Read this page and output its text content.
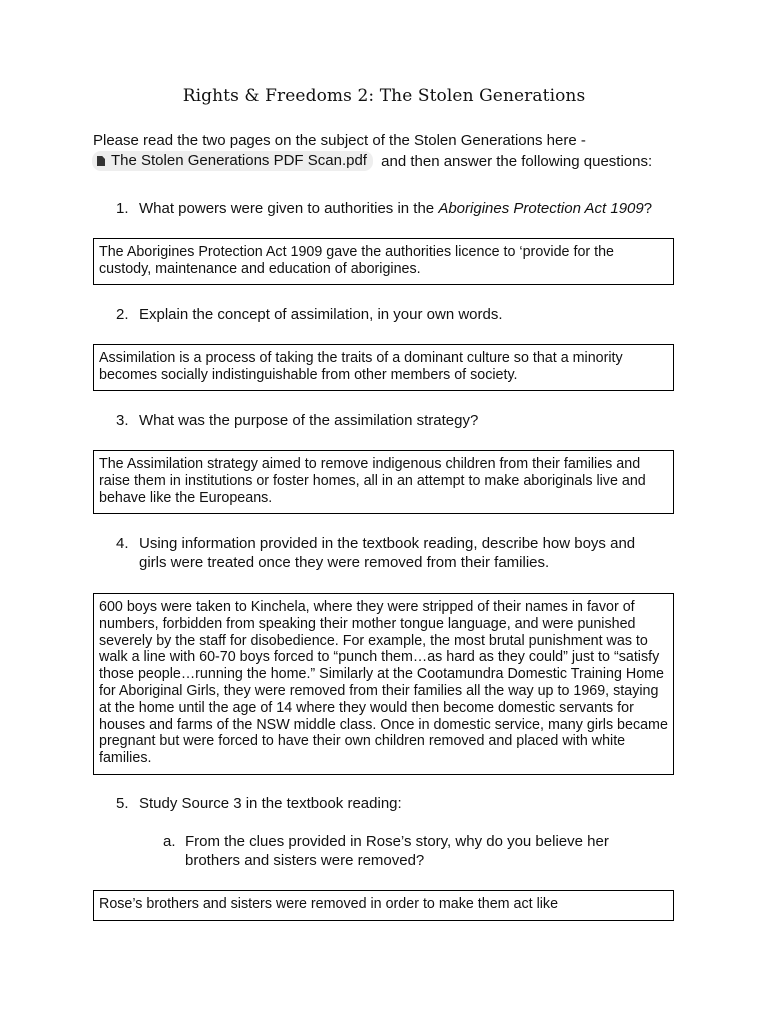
Rights & Freedoms 2: The Stolen Generations
Please read the two pages on the subject of the Stolen Generations here -
The Stolen Generations PDF Scan.pdf and then answer the following questions:
1. What powers were given to authorities in the Aborigines Protection Act 1909?
The Aborigines Protection Act 1909 gave the authorities licence to ‘provide for the custody, maintenance and education of aborigines.
2. Explain the concept of assimilation, in your own words.
Assimilation is a process of taking the traits of a dominant culture so that a minority becomes socially indistinguishable from other members of society.
3. What was the purpose of the assimilation strategy?
The Assimilation strategy aimed to remove indigenous children from their families and raise them in institutions or foster homes, all in an attempt to make aboriginals live and behave like the Europeans.
4. Using information provided in the textbook reading, describe how boys and girls were treated once they were removed from their families.
600 boys were taken to Kinchela, where they were stripped of their names in favor of numbers, forbidden from speaking their mother tongue language, and were punished severely by the staff for disobedience. For example, the most brutal punishment was to walk a line with 60-70 boys forced to “punch them…as hard as they could” just to “satisfy those people…running the home.” Similarly at the Cootamundra Domestic Training Home for Aboriginal Girls, they were removed from their families all the way up to 1969, staying at the home until the age of 14 where they would then become domestic servants for houses and farms of the NSW middle class. Once in domestic service, many girls became pregnant but were forced to have their own children removed and placed with white families.
5. Study Source 3 in the textbook reading:
a. From the clues provided in Rose’s story, why do you believe her brothers and sisters were removed?
Rose’s brothers and sisters were removed in order to make them act like
